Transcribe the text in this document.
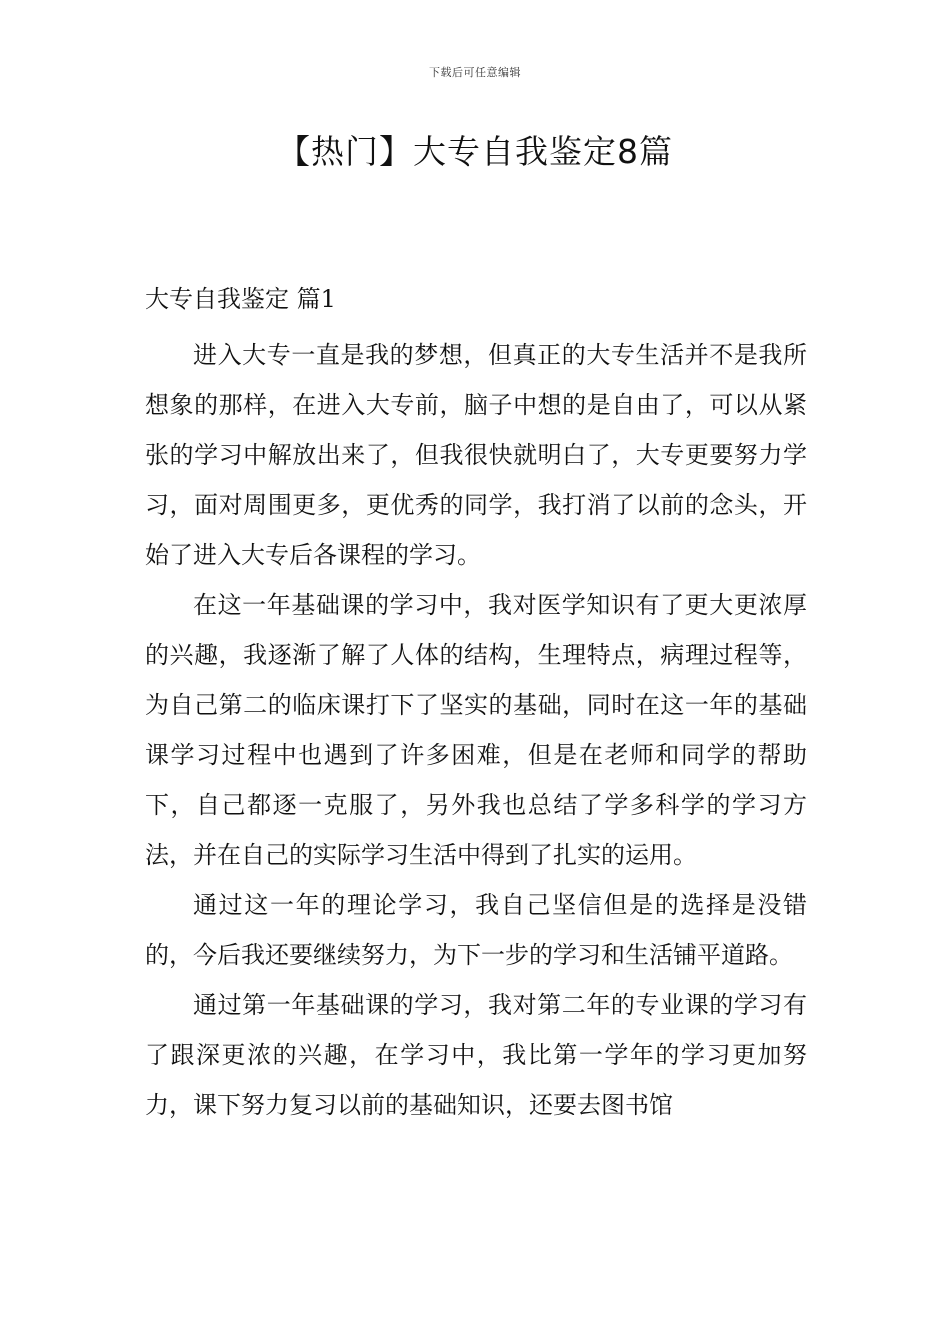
下载后可任意编辑
【热门】大专自我鉴定8篇
大专自我鉴定 篇1

进入大专一直是我的梦想，但真正的大专生活并不是我所想象的那样，在进入大专前，脑子中想的是自由了，可以从紧张的学习中解放出来了，但我很快就明白了，大专更要努力学习，面对周围更多，更优秀的同学，我打消了以前的念头，开始了进入大专后各课程的学习。

在这一年基础课的学习中，我对医学知识有了更大更浓厚的兴趣，我逐渐了解了人体的结构，生理特点，病理过程等，为自己第二的临床课打下了坚实的基础，同时在这一年的基础课学习过程中也遇到了许多困难，但是在老师和同学的帮助下，自己都逐一克服了，另外我也总结了学多科学的学习方法，并在自己的实际学习生活中得到了扎实的运用。

通过这一年的理论学习，我自己坚信但是的选择是没错的，今后我还要继续努力，为下一步的学习和生活铺平道路。

通过第一年基础课的学习，我对第二年的专业课的学习有了跟深更浓的兴趣，在学习中，我比第一学年的学习更加努力，课下努力复习以前的基础知识，还要去图书馆
